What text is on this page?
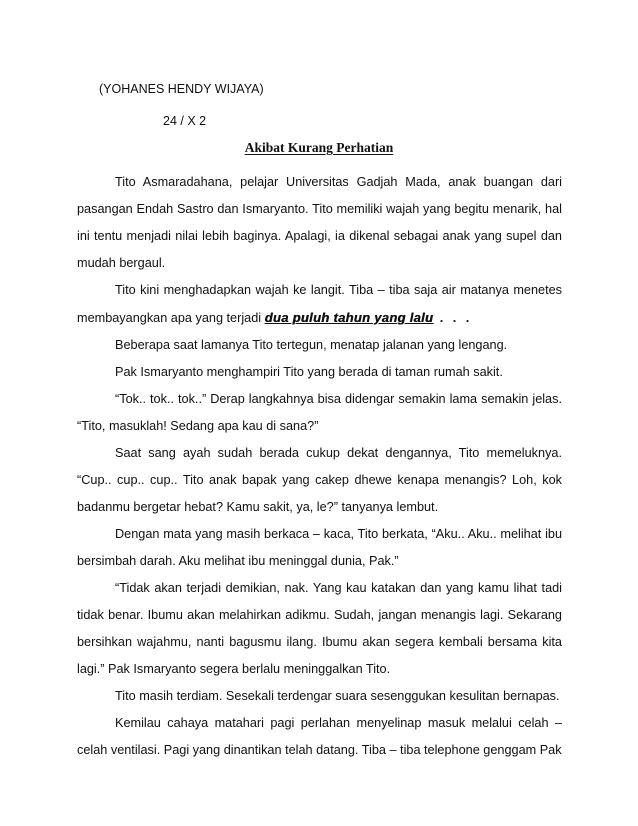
(YOHANES HENDY WIJAYA)
24 / X 2
Akibat Kurang Perhatian

Tito Asmaradahana, pelajar Universitas Gadjah Mada, anak buangan dari pasangan Endah Sastro dan Ismaryanto. Tito memiliki wajah yang begitu menarik, hal ini tentu menjadi nilai lebih baginya. Apalagi, ia dikenal sebagai anak yang supel dan mudah bergaul.

Tito kini menghadapkan wajah ke langit. Tiba – tiba saja air matanya menetes membayangkan apa yang terjadi dua puluh tahun yang lalu . . .

Beberapa saat lamanya Tito tertegun, menatap jalanan yang lengang.

Pak Ismaryanto menghampiri Tito yang berada di taman rumah sakit.

“Tok.. tok.. tok..” Derap langkahnya bisa didengar semakin lama semakin jelas. “Tito, masuklah! Sedang apa kau di sana?”

Saat sang ayah sudah berada cukup dekat dengannya, Tito memeluknya. “Cup.. cup.. cup.. Tito anak bapak yang cakep dhewe kenapa menangis? Loh, kok badanmu bergetar hebat? Kamu sakit, ya, le?” tanyanya lembut.

Dengan mata yang masih berkaca – kaca, Tito berkata, “Aku.. Aku.. melihat ibu bersimbah darah. Aku melihat ibu meninggal dunia, Pak.”

“Tidak akan terjadi demikian, nak. Yang kau katakan dan yang kamu lihat tadi tidak benar. Ibumu akan melahirkan adikmu. Sudah, jangan menangis lagi. Sekarang bersihkan wajahmu, nanti bagusmu ilang. Ibumu akan segera kembali bersama kita lagi.” Pak Ismaryanto segera berlalu meninggalkan Tito.

Tito masih terdiam. Sesekali terdengar suara sesenggukan kesulitan bernapas.

Kemilau cahaya matahari pagi perlahan menyelinap masuk melalui celah – celah ventilasi. Pagi yang dinantikan telah datang. Tiba – tiba telephone genggam Pak
